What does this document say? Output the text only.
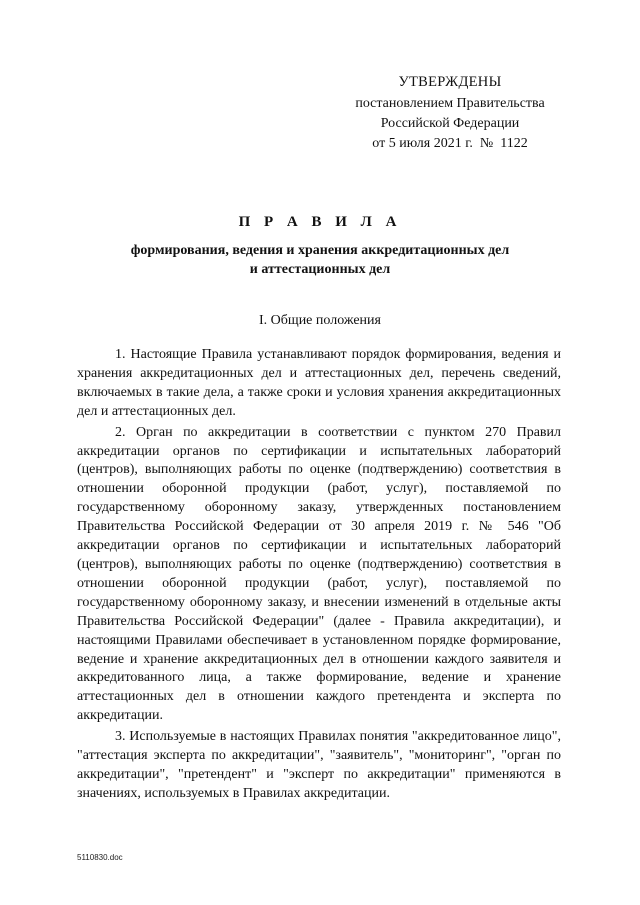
УТВЕРЖДЕНЫ
постановлением Правительства
Российской Федерации
от 5 июля 2021 г.  №  1122
П Р А В И Л А
формирования, ведения и хранения аккредитационных дел
и аттестационных дел
I. Общие положения

1. Настоящие Правила устанавливают порядок формирования, ведения и хранения аккредитационных дел и аттестационных дел, перечень сведений, включаемых в такие дела, а также сроки и условия хранения аккредитационных дел и аттестационных дел.

2. Орган по аккредитации в соответствии с пунктом 270 Правил аккредитации органов по сертификации и испытательных лабораторий (центров), выполняющих работы по оценке (подтверждению) соответствия в отношении оборонной продукции (работ, услуг), поставляемой по государственному оборонному заказу, утвержденных постановлением Правительства Российской Федерации от 30 апреля 2019 г. № 546 "Об аккредитации органов по сертификации и испытательных лабораторий (центров), выполняющих работы по оценке (подтверждению) соответствия в отношении оборонной продукции (работ, услуг), поставляемой по государственному оборонному заказу, и внесении изменений в отдельные акты Правительства Российской Федерации" (далее - Правила аккредитации), и настоящими Правилами обеспечивает в установленном порядке формирование, ведение и хранение аккредитационных дел в отношении каждого заявителя и аккредитованного лица, а также формирование, ведение и хранение аттестационных дел в отношении каждого претендента и эксперта по аккредитации.

3. Используемые в настоящих Правилах понятия "аккредитованное лицо", "аттестация эксперта по аккредитации", "заявитель", "мониторинг", "орган по аккредитации", "претендент" и "эксперт по аккредитации" применяются в значениях, используемых в Правилах аккредитации.

5110830.doc
